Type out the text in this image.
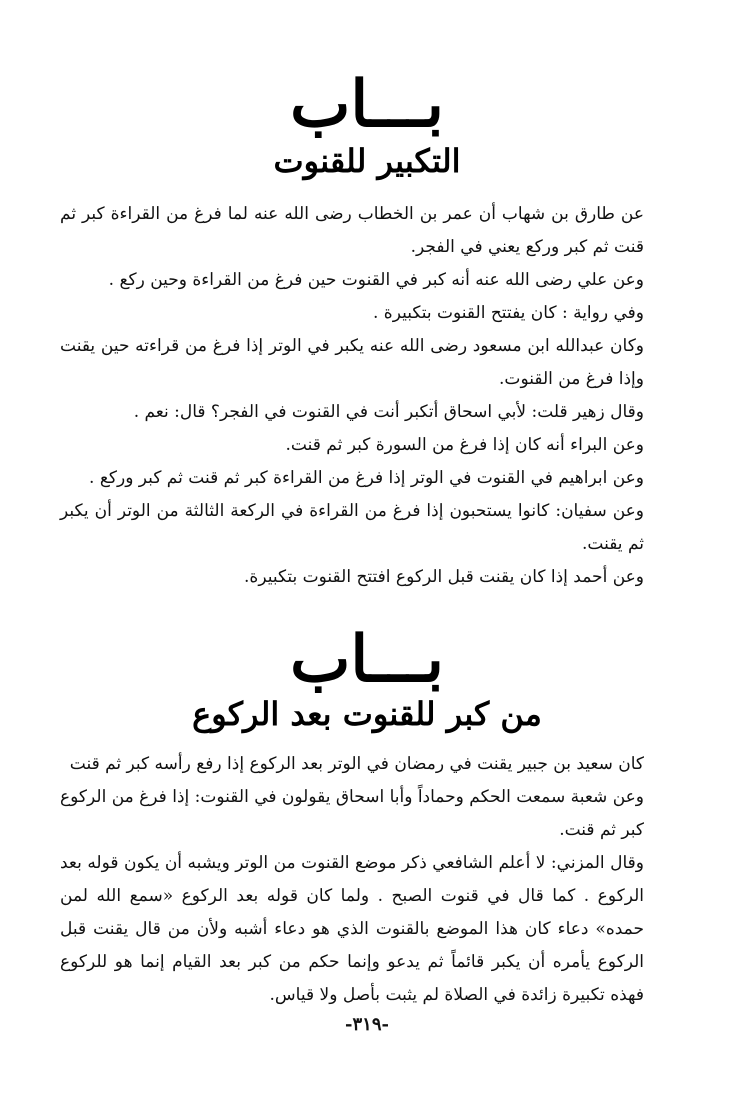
بـــاب
التكبير للقنوت

عن طارق بن شهاب أن عمر بن الخطاب رضى الله عنه لما فرغ من القراءة كبر ثم قنت ثم كبر وركع يعني في الفجر.

وعن علي رضى الله عنه أنه كبر في القنوت حين فرغ من القراءة وحين ركع .

وفي رواية : كان يفتتح القنوت بتكبيرة .

وكان عبدالله ابن مسعود رضى الله عنه يكبر في الوتر إذا فرغ من قراءته حين يقنت وإذا فرغ من القنوت.

وقال زهير قلت: لأبي اسحاق أتكبر أنت في القنوت في الفجر؟ قال: نعم .

وعن البراء أنه كان إذا فرغ من السورة كبر ثم قنت.

وعن ابراهيم في القنوت في الوتر إذا فرغ من القراءة كبر ثم قنت ثم كبر وركع .

وعن سفيان: كانوا يستحبون إذا فرغ من القراءة في الركعة الثالثة من الوتر أن يكبر ثم يقنت.

وعن أحمد إذا كان يقنت قبل الركوع افتتح القنوت بتكبيرة.

بـــاب
من كبر للقنوت بعد الركوع

كان سعيد بن جبير يقنت في رمضان في الوتر بعد الركوع إذا رفع رأسه كبر ثم قنت

وعن شعبة سمعت الحكم وحماداً وأبا اسحاق يقولون في القنوت: إذا فرغ من الركوع كبر ثم قنت.

وقال المزني: لا أعلم الشافعي ذكر موضع القنوت من الوتر ويشبه أن يكون قوله بعد الركوع . كما قال في قنوت الصبح . ولما كان قوله بعد الركوع «سمع الله لمن حمده» دعاء كان هذا الموضع بالقنوت الذي هو دعاء أشبه ولأن من قال يقنت قبل الركوع يأمره أن يكبر قائماً ثم يدعو وإنما حكم من كبر بعد القيام إنما هو للركوع فهذه تكبيرة زائدة في الصلاة لم يثبت بأصل ولا قياس.

-٣١٩-
